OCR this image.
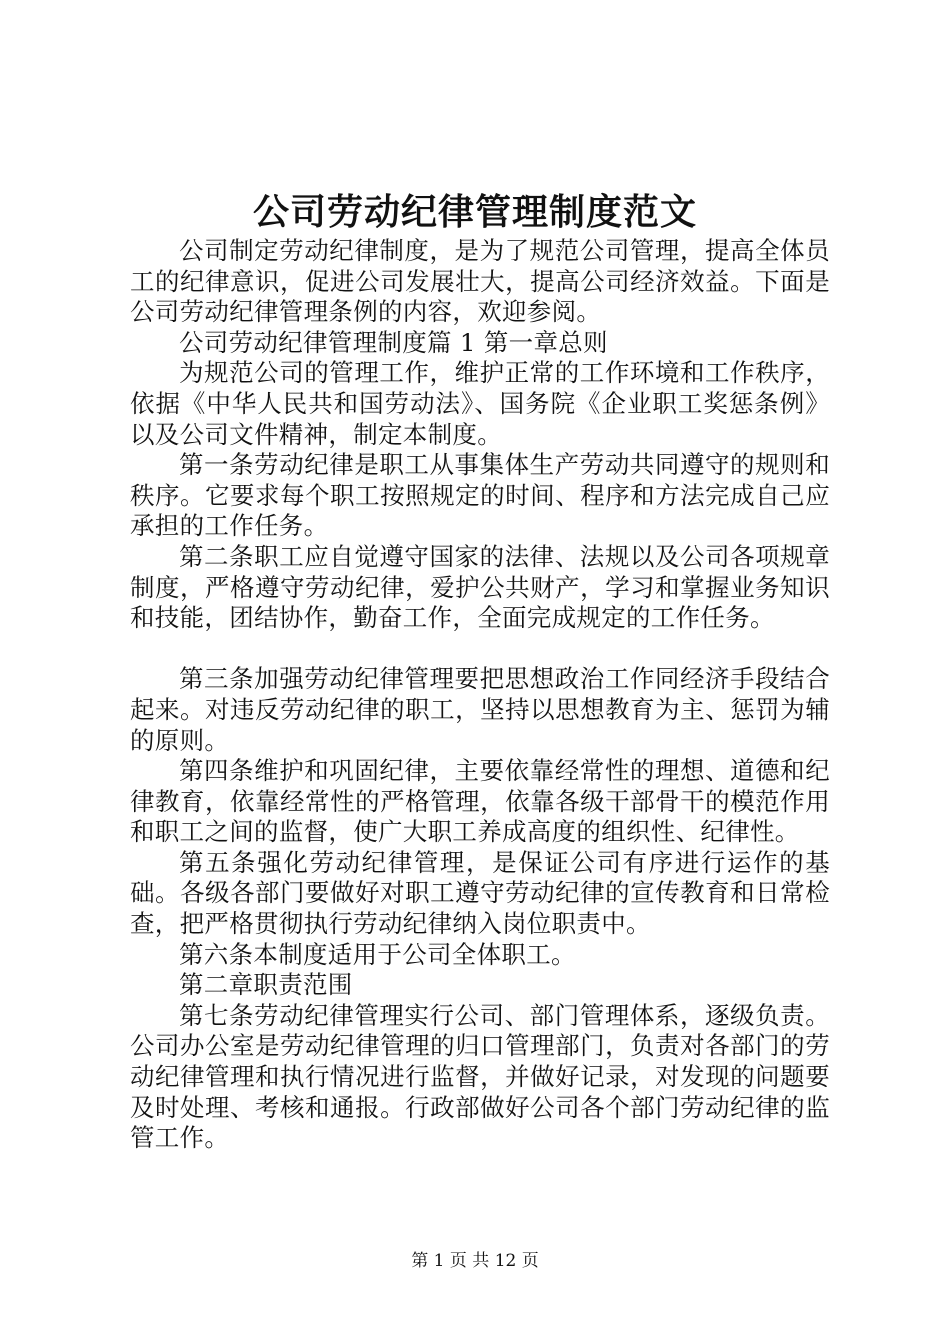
公司劳动纪律管理制度范文

公司制定劳动纪律制度，是为了规范公司管理，提高全体员工的纪律意识，促进公司发展壮大，提高公司经济效益。下面是公司劳动纪律管理条例的内容，欢迎参阅。

公司劳动纪律管理制度篇 1 第一章总则

为规范公司的管理工作，维护正常的工作环境和工作秩序，依据《中华人民共和国劳动法》、国务院《企业职工奖惩条例》以及公司文件精神，制定本制度。

第一条劳动纪律是职工从事集体生产劳动共同遵守的规则和秩序。它要求每个职工按照规定的时间、程序和方法完成自己应承担的工作任务。

第二条职工应自觉遵守国家的法律、法规以及公司各项规章制度，严格遵守劳动纪律，爱护公共财产，学习和掌握业务知识和技能，团结协作，勤奋工作，全面完成规定的工作任务。

第三条加强劳动纪律管理要把思想政治工作同经济手段结合起来。对违反劳动纪律的职工，坚持以思想教育为主、惩罚为辅的原则。

第四条维护和巩固纪律，主要依靠经常性的理想、道德和纪律教育，依靠经常性的严格管理，依靠各级干部骨干的模范作用和职工之间的监督，使广大职工养成高度的组织性、纪律性。

第五条强化劳动纪律管理，是保证公司有序进行运作的基础。各级各部门要做好对职工遵守劳动纪律的宣传教育和日常检查，把严格贯彻执行劳动纪律纳入岗位职责中。

第六条本制度适用于公司全体职工。

第二章职责范围

第七条劳动纪律管理实行公司、部门管理体系，逐级负责。公司办公室是劳动纪律管理的归口管理部门，负责对各部门的劳动纪律管理和执行情况进行监督，并做好记录，对发现的问题要及时处理、考核和通报。行政部做好公司各个部门劳动纪律的监管工作。

第 1 页 共 12 页
